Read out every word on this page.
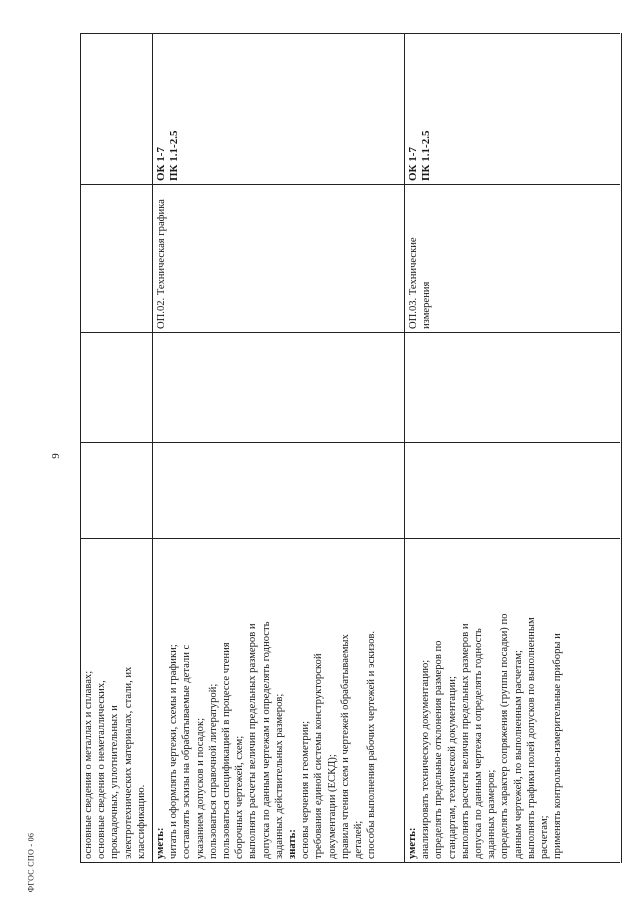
9
ФГОС СПО - 06

основные сведения о металлах и сплавах; основные сведения о неметаллических, прокладочных, уплотнительных и электротехнических материалах, стали, их классификацию. уметь: читать и оформлять чертежи, схемы и графики; составлять эскизы на обрабатываемые детали с указанием допусков и посадок; пользоваться справочной литературой; пользоваться спецификацией в процессе чтения сборочных чертежей, схем; выполнять расчеты величин предельных размеров и допуска по данным чертежам и определять годность заданных действительных размеров; знать: основы черчения и геометрии; требования единой системы конструкторской документации (ЕСКД); правила чтения схем и чертежей обрабатываемых деталей; способы выполнения рабочих чертежей и эскизов.

ОП.02. Техническая графика

ОК 1-7 ПК 1.1-2.5

уметь: анализировать техническую документацию; определять предельные отклонения размеров по стандартам, технической документации; выполнять расчеты величин предельных размеров и допуска по данным чертежа и определять годность заданных размеров; определять характер сопряжения (группы посадки) по данным чертежей, по выполненным расчетам; выполнять графики полей допусков по выполненным расчетам; применять контрольно-измерительные приборы и

ОП.03. Технические измерения

ОК 1-7 ПК 1.1-2.5
